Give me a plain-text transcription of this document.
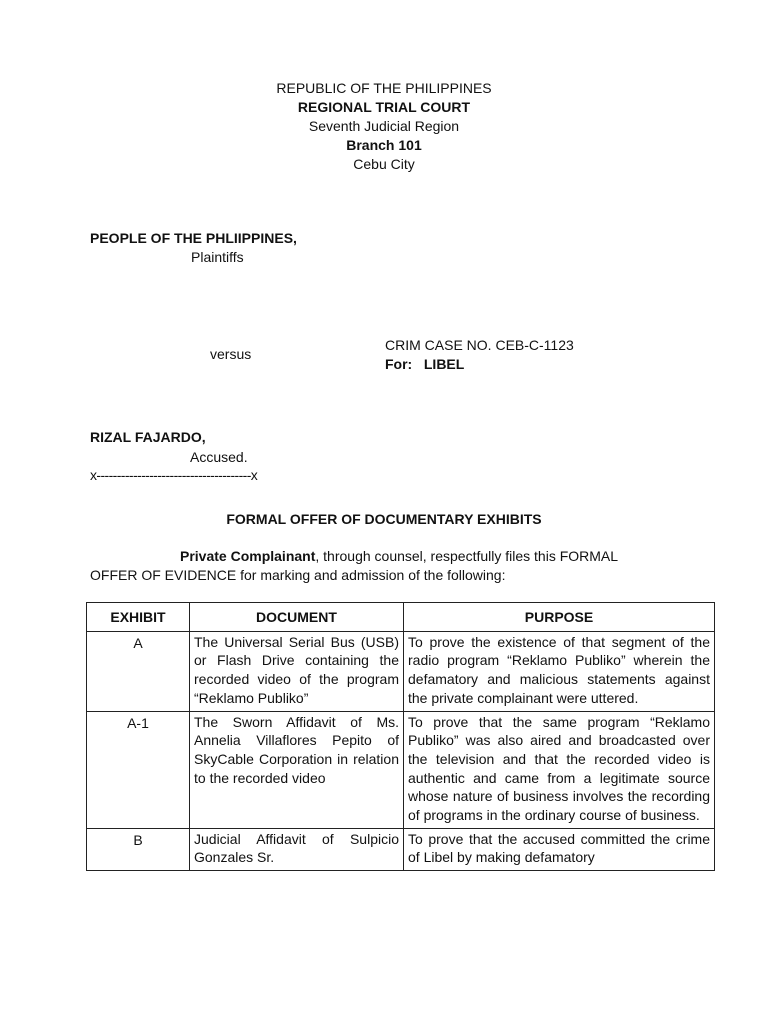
REPUBLIC OF THE PHILIPPINES
REGIONAL TRIAL COURT
Seventh Judicial Region
Branch 101
Cebu City
PEOPLE OF THE PHLIIPPINES,
Plaintiffs
versus
CRIM CASE NO. CEB-C-1123
For:   LIBEL
RIZAL FAJARDO,
Accused.
x--------------------------------------x
FORMAL OFFER OF DOCUMENTARY EXHIBITS
Private Complainant, through counsel, respectfully files this FORMAL
OFFER OF EVIDENCE for marking and admission of the following:
EXHIBIT	DOCUMENT	PURPOSE
A	The Universal Serial Bus (USB) or Flash Drive containing the recorded video of the program “Reklamo Publiko”	To prove the existence of that segment of the radio program “Reklamo Publiko” wherein the defamatory and malicious statements against the private complainant were uttered.
A-1	The Sworn Affidavit of Ms. Annelia Villaflores Pepito of SkyCable Corporation in relation to the recorded video	To prove that the same program “Reklamo Publiko” was also aired and broadcasted over the television and that the recorded video is authentic and came from a legitimate source whose nature of business involves the recording of programs in the ordinary course of business.
B	Judicial Affidavit of Sulpicio Gonzales Sr.	To prove that the accused committed the crime of Libel by making defamatory
